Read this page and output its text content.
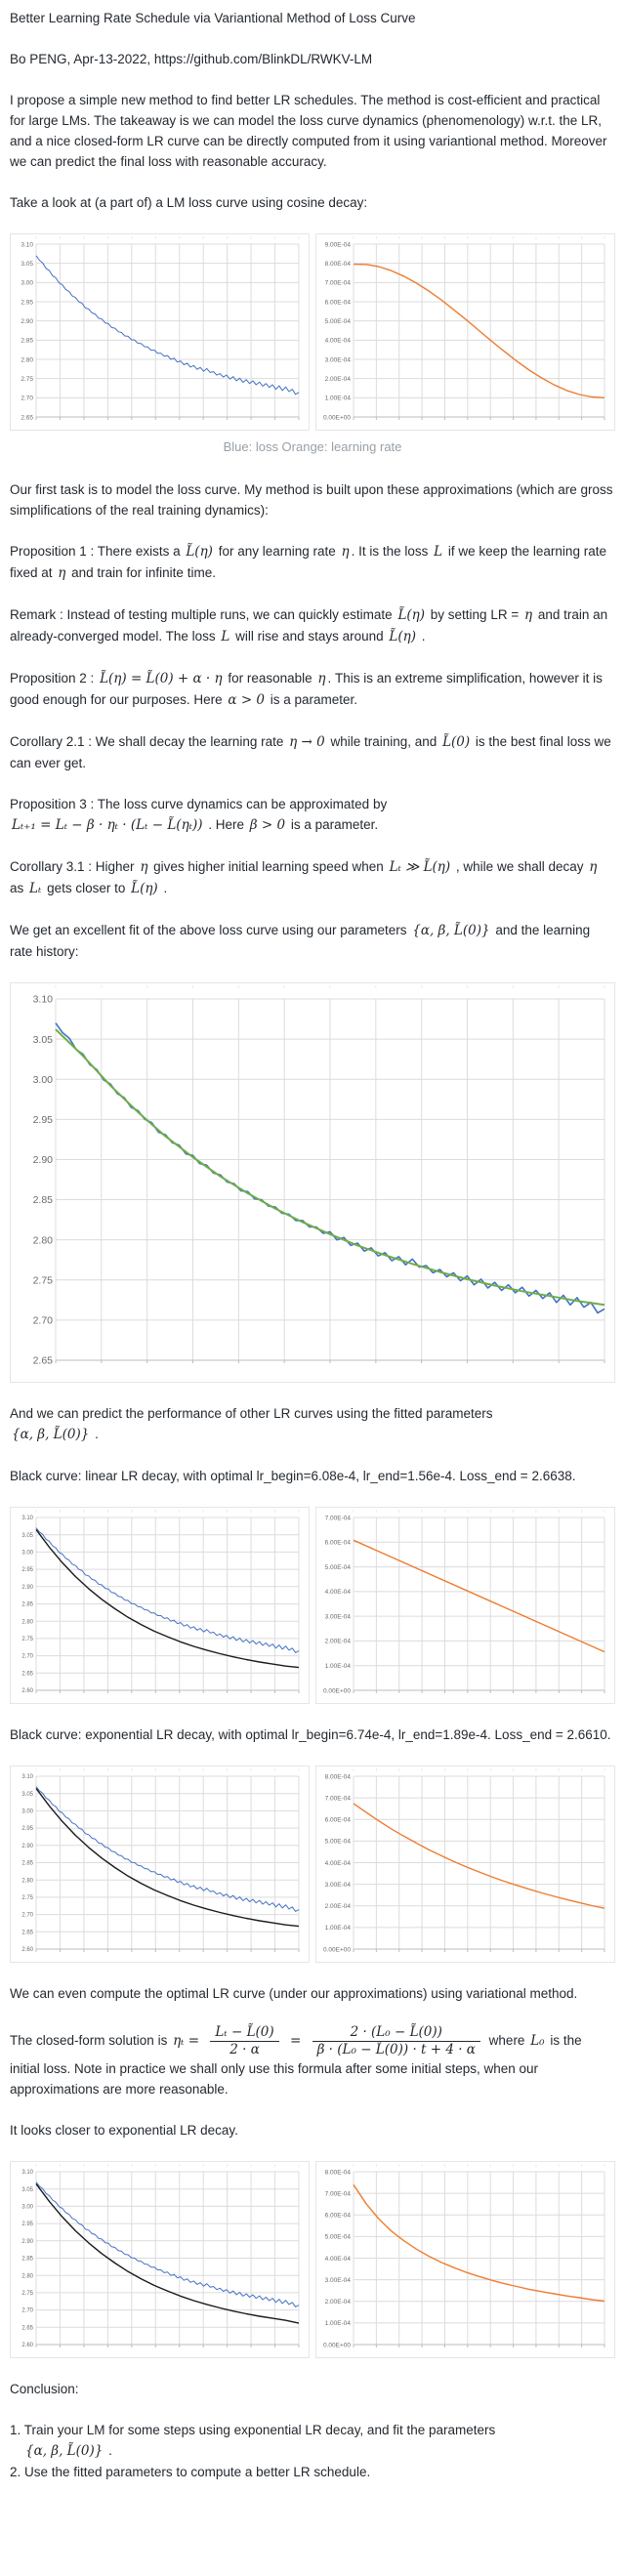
Better Learning Rate Schedule via Variantional Method of Loss Curve

Bo PENG, Apr-13-2022, https://github.com/BlinkDL/RWKV-LM

I propose a simple new method to find better LR schedules. The method is cost-efficient and practical for large LMs. The takeaway is we can model the loss curve dynamics (phenomenology) w.r.t. the LR, and a nice closed-form LR curve can be directly computed from it using variantional method. Moreover we can predict the final loss with reasonable accuracy.

Take a look at (a part of) a LM loss curve using cosine decay:

3.10
3.05
3.00
2.95
2.90
2.85
2.80
2.75
2.70
2.65
9.00E-04
8.00E-04
7.00E-04
6.00E-04
5.00E-04
4.00E-04
3.00E-04
2.00E-04
1.00E-04
0.00E+00
Blue: loss Orange: learning rate

Our first task is to model the loss curve. My method is built upon these approximations (which are gross simplifications of the real training dynamics):

Proposition 1 : There exists a L̃(η) for any learning rate η . It is the loss L if we keep the learning rate fixed at η and train for infinite time.

Remark : Instead of testing multiple runs, we can quickly estimate L̃(η) by setting LR = η and train an already-converged model. The loss L will rise and stays around L̃(η) .

Proposition 2 : L̃(η) = L̃(0) + α · η for reasonable η . This is an extreme simplification, however it is good enough for our purposes. Here α > 0 is a parameter.

Corollary 2.1 : We shall decay the learning rate η → 0 while training, and L̃(0) is the best final loss we can ever get.

Proposition 3 : The loss curve dynamics can be approximated by
Lₜ₊₁ = Lₜ − β · ηₜ · (Lₜ − L̃(ηₜ)) . Here β > 0 is a parameter.

Corollary 3.1 : Higher η gives higher initial learning speed when Lₜ ≫ L̃(η) , while we shall decay η as Lₜ gets closer to L̃(η) .

We get an excellent fit of the above loss curve using our parameters {α, β, L̃(0)} and the learning rate history:

3.10
3.05
3.00
2.95
2.90
2.85
2.80
2.75
2.70
2.65

And we can predict the performance of other LR curves using the fitted parameters
{α, β, L̃(0)} .

Black curve: linear LR decay, with optimal lr_begin=6.08e-4, lr_end=1.56e-4. Loss_end = 2.6638.

3.10
3.05
3.00
2.95
2.90
2.85
2.80
2.75
2.70
2.65
2.60
7.00E-04
6.00E-04
5.00E-04
4.00E-04
3.00E-04
2.00E-04
1.00E-04
0.00E+00

Black curve: exponential LR decay, with optimal lr_begin=6.74e-4, lr_end=1.89e-4. Loss_end = 2.6610.

3.10
3.05
3.00
2.95
2.90
2.85
2.80
2.75
2.70
2.65
2.60
8.00E-04
7.00E-04
6.00E-04
5.00E-04
4.00E-04
3.00E-04
2.00E-04
1.00E-04
0.00E+00

We can even compute the optimal LR curve (under our approximations) using variational method.

The closed-form solution is $\eta_t = \frac{\text{Lₜ − L̃(0)}}{2 \cdot \alpha} = \frac{\text{2 · (L₀ − L̃(0))}}{\text{β · (L₀ − L̃(0)) · t + 4 · α}}$ where L₀ is the initial loss. Note in practice we shall only use this formula after some initial steps, when our approximations are more reasonable.

It looks closer to exponential LR decay.

3.10
3.05
3.00
2.95
2.90
2.85
2.80
2.75
2.70
2.65
2.60
8.00E-04
7.00E-04
6.00E-04
5.00E-04
4.00E-04
3.00E-04
2.00E-04
1.00E-04
0.00E+00

Conclusion:

1. Train your LM for some steps using exponential LR decay, and fit the parameters
{α, β, L̃(0)} .
2. Use the fitted parameters to compute a better LR schedule.
